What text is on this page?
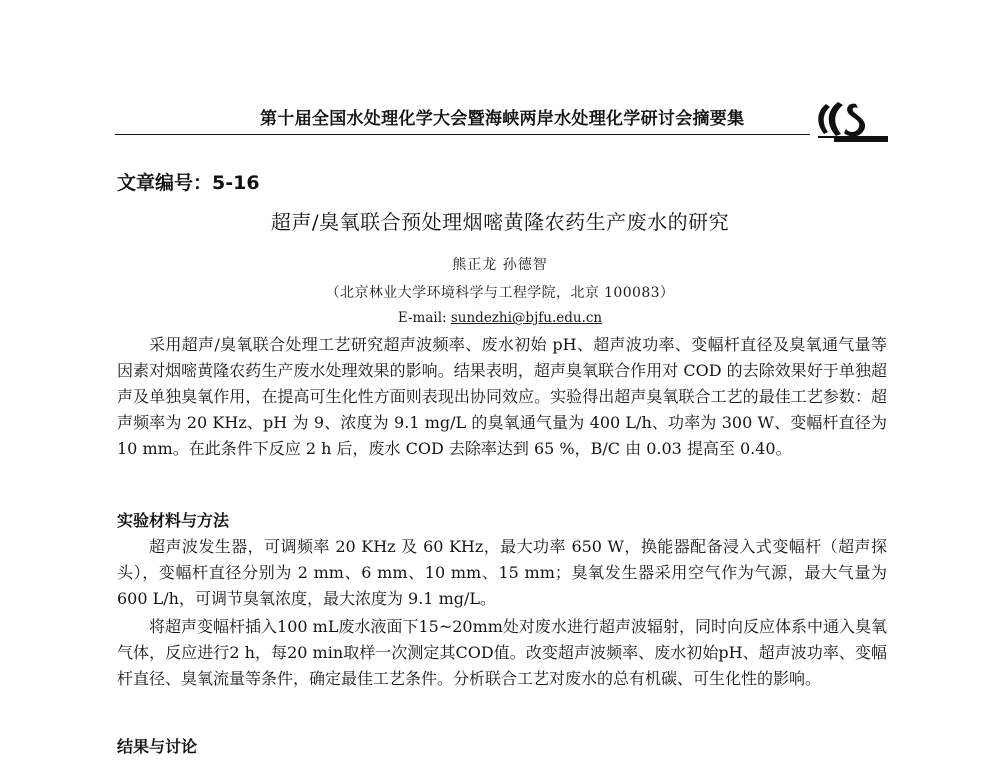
第十届全国水处理化学大会暨海峡两岸水处理化学研讨会摘要集
文章编号：5-16
超声/臭氧联合预处理烟嘧黄隆农药生产废水的研究
熊正龙 孙德智
（北京林业大学环境科学与工程学院，北京 100083）
E-mail: sundezhi@bjfu.edu.cn

采用超声/臭氧联合处理工艺研究超声波频率、废水初始 pH、超声波功率、变幅杆直径及臭氧通气量等因素对烟嘧黄隆农药生产废水处理效果的影响。结果表明，超声臭氧联合作用对 COD 的去除效果好于单独超声及单独臭氧作用，在提高可生化性方面则表现出协同效应。实验得出超声臭氧联合工艺的最佳工艺参数：超声频率为 20 KHz、pH 为 9、浓度为 9.1 mg/L 的臭氧通气量为 400 L/h、功率为 300 W、变幅杆直径为 10 mm。在此条件下反应 2 h 后，废水 COD 去除率达到 65 %，B/C 由 0.03 提高至 0.40。

实验材料与方法

超声波发生器，可调频率 20 KHz 及 60 KHz，最大功率 650 W，换能器配备浸入式变幅杆（超声探头），变幅杆直径分别为 2 mm、6 mm、10 mm、15 mm；臭氧发生器采用空气作为气源，最大气量为 600 L/h，可调节臭氧浓度，最大浓度为 9.1 mg/L。

将超声变幅杆插入100 mL废水液面下15~20mm处对废水进行超声波辐射，同时向反应体系中通入臭氧气体，反应进行2 h，每20 min取样一次测定其COD值。改变超声波频率、废水初始pH、超声波功率、变幅杆直径、臭氧流量等条件，确定最佳工艺条件。分析联合工艺对废水的总有机碳、可生化性的影响。

结果与讨论
